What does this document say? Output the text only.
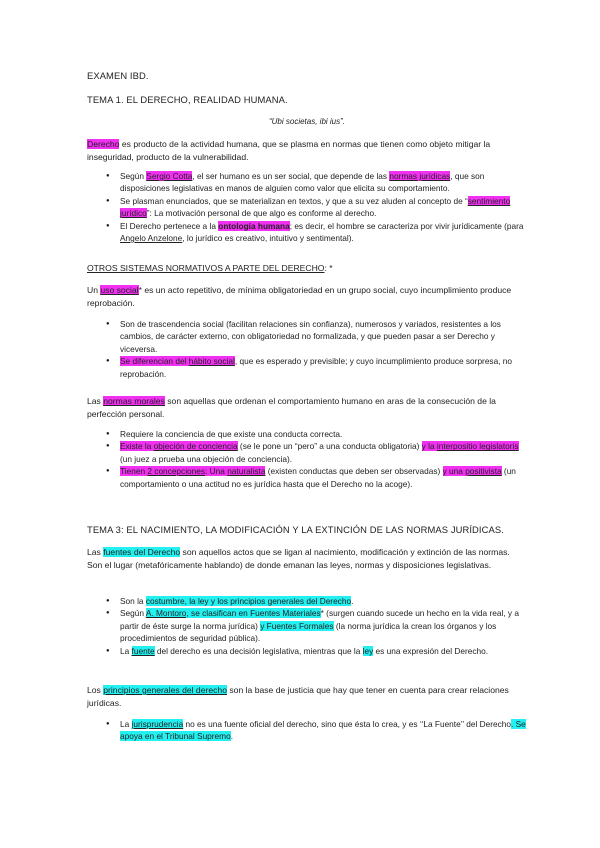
EXAMEN IBD.
TEMA 1. EL DERECHO, REALIDAD HUMANA.
“Ubi societas, ibi ius”.
Derecho es producto de la actividad humana, que se plasma en normas que tienen como objeto mitigar la inseguridad, producto de la vulnerabilidad.
● Según Sergio Cotta, el ser humano es un ser social, que depende de las normas jurídicas, que son disposiciones legislativas en manos de alguien como valor que elicita su comportamiento.
● Se plasman enunciados, que se materializan en textos, y que a su vez aluden al concepto de “sentimiento jurídico”: La motivación personal de que algo es conforme al derecho.
● El Derecho pertenece a la ontología humana; es decir, el hombre se caracteriza por vivir jurídicamente (para Angelo Anzelone, lo jurídico es creativo, intuitivo y sentimental).
OTROS SISTEMAS NORMATIVOS A PARTE DEL DERECHO: *
Un uso social* es un acto repetitivo, de mínima obligatoriedad en un grupo social, cuyo incumplimiento produce reprobación.
● Son de trascendencia social (facilitan relaciones sin confianza), numerosos y variados, resistentes a los cambios, de carácter externo, con obligatoriedad no formalizada, y que pueden pasar a ser Derecho y viceversa.
● Se diferencian del hábito social, que es esperado y previsible; y cuyo incumplimiento produce sorpresa, no reprobación.
Las normas morales son aquellas que ordenan el comportamiento humano en aras de la consecución de la perfección personal.
● Requiere la conciencia de que existe una conducta correcta.
● Existe la objeción de conciencia (se le pone un “pero” a una conducta obligatoria) y la interpositio legislatoris (un juez a prueba una objeción de conciencia).
● Tienen 2 concepciones: Una naturalista (existen conductas que deben ser observadas) y una positivista (un comportamiento o una actitud no es jurídica hasta que el Derecho no la acoge).
TEMA 3: EL NACIMIENTO, LA MODIFICACIÓN Y LA EXTINCIÓN DE LAS NORMAS JURÍDICAS.
Las fuentes del Derecho son aquellos actos que se ligan al nacimiento, modificación y extinción de las normas. Son el lugar (metafóricamente hablando) de donde emanan las leyes, normas y disposiciones legislativas.
● Son la costumbre, la ley y los principios generales del Derecho.
● Según A. Montoro, se clasifican en Fuentes Materiales* (surgen cuando sucede un hecho en la vida real, y a partir de éste surge la norma jurídica) y Fuentes Formales (la norma jurídica la crean los órganos y los procedimientos de seguridad pública).
● La fuente del derecho es una decisión legislativa, mientras que la ley es una expresión del Derecho.
Los principios generales del derecho son la base de justicia que hay que tener en cuenta para crear relaciones jurídicas.
● La jurisprudencia no es una fuente oficial del derecho, sino que ésta lo crea, y es ‘‘La Fuente’’ del Derecho. Se apoya en el Tribunal Supremo.
